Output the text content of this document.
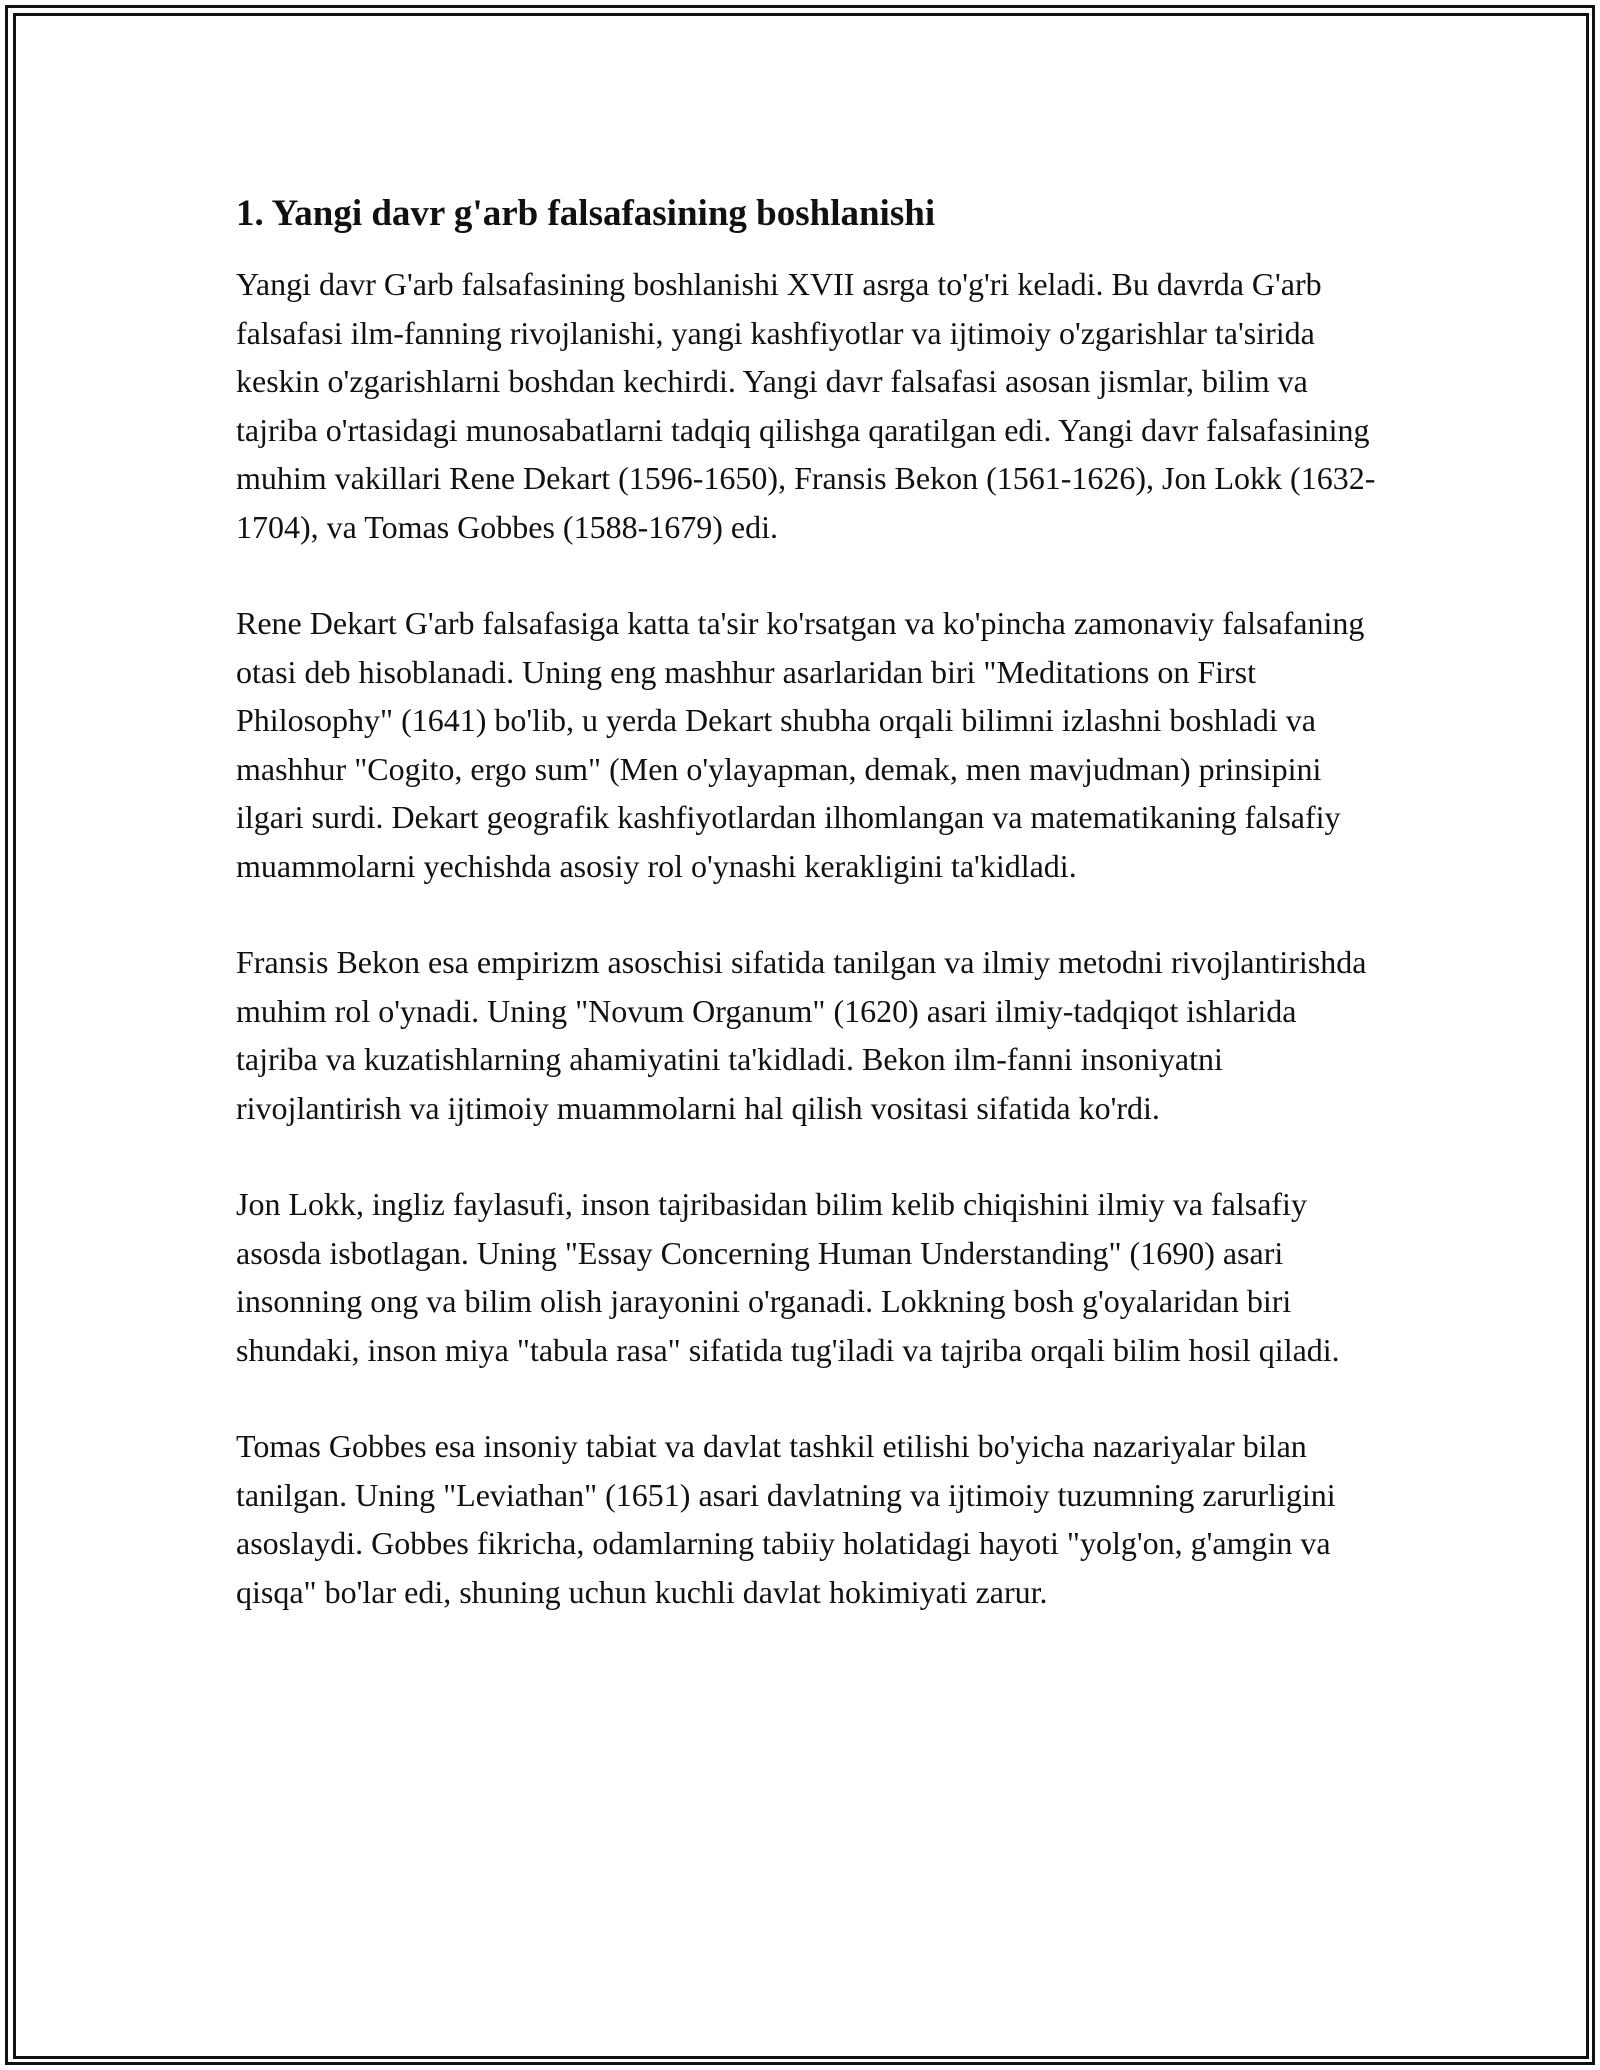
1. Yangi davr g'arb falsafasining boshlanishi

Yangi davr G'arb falsafasining boshlanishi XVII asrga to'g'ri keladi. Bu davrda G'arb falsafasi ilm-fanning rivojlanishi, yangi kashfiyotlar va ijtimoiy o'zgarishlar ta'sirida keskin o'zgarishlarni boshdan kechirdi. Yangi davr falsafasi asosan jismlar, bilim va tajriba o'rtasidagi munosabatlarni tadqiq qilishga qaratilgan edi. Yangi davr falsafasining muhim vakillari Rene Dekart (1596-1650), Fransis Bekon (1561-1626), Jon Lokk (1632-1704), va Tomas Gobbes (1588-1679) edi.

Rene Dekart G'arb falsafasiga katta ta'sir ko'rsatgan va ko'pincha zamonaviy falsafaning otasi deb hisoblanadi. Uning eng mashhur asarlaridan biri "Meditations on First Philosophy" (1641) bo'lib, u yerda Dekart shubha orqali bilimni izlashni boshladi va mashhur "Cogito, ergo sum" (Men o'ylayapman, demak, men mavjudman) prinsipini ilgari surdi. Dekart geografik kashfiyotlardan ilhomlangan va matematikaning falsafiy muammolarni yechishda asosiy rol o'ynashi kerakligini ta'kidladi.

Fransis Bekon esa empirizm asoschisi sifatida tanilgan va ilmiy metodni rivojlantirishda muhim rol o'ynadi. Uning "Novum Organum" (1620) asari ilmiy-tadqiqot ishlarida tajriba va kuzatishlarning ahamiyatini ta'kidladi. Bekon ilm-fanni insoniyatni rivojlantirish va ijtimoiy muammolarni hal qilish vositasi sifatida ko'rdi.

Jon Lokk, ingliz faylasufi, inson tajribasidan bilim kelib chiqishini ilmiy va falsafiy asosda isbotlagan. Uning "Essay Concerning Human Understanding" (1690) asari insonning ong va bilim olish jarayonini o'rganadi. Lokkning bosh g'oyalaridan biri shundaki, inson miya "tabula rasa" sifatida tug'iladi va tajriba orqali bilim hosil qiladi.

Tomas Gobbes esa insoniy tabiat va davlat tashkil etilishi bo'yicha nazariyalar bilan tanilgan. Uning "Leviathan" (1651) asari davlatning va ijtimoiy tuzumning zarurligini asoslaydi. Gobbes fikricha, odamlarning tabiiy holatidagi hayoti "yolg'on, g'amgin va qisqa" bo'lar edi, shuning uchun kuchli davlat hokimiyati zarur.
